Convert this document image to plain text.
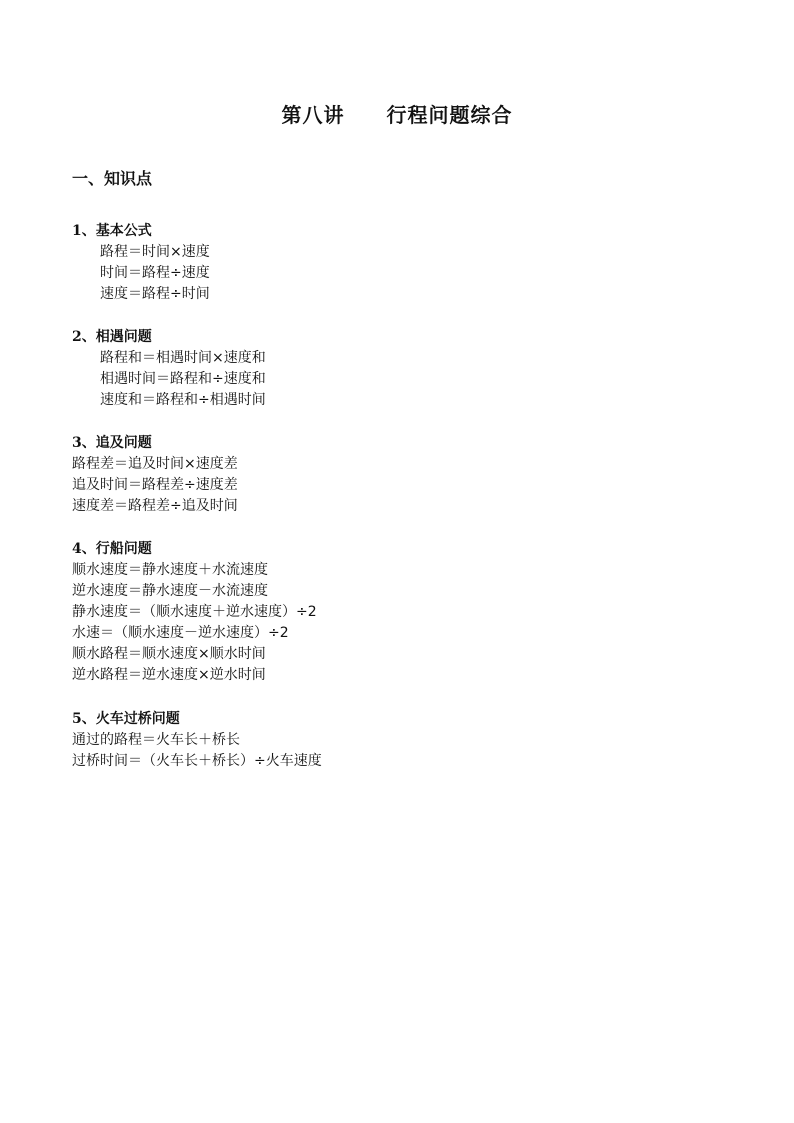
第八讲 行程问题综合
一、知识点
1、基本公式
路程＝时间×速度
时间＝路程÷速度
速度＝路程÷时间
2、相遇问题
路程和＝相遇时间×速度和
相遇时间＝路程和÷速度和
速度和＝路程和÷相遇时间
3、追及问题
路程差＝追及时间×速度差
追及时间＝路程差÷速度差
速度差＝路程差÷追及时间
4、行船问题
顺水速度＝静水速度＋水流速度
逆水速度＝静水速度－水流速度
静水速度＝（顺水速度＋逆水速度）÷2
水速＝（顺水速度－逆水速度）÷2
顺水路程＝顺水速度×顺水时间
逆水路程＝逆水速度×逆水时间
5、火车过桥问题
通过的路程＝火车长＋桥长
过桥时间＝（火车长＋桥长）÷火车速度
